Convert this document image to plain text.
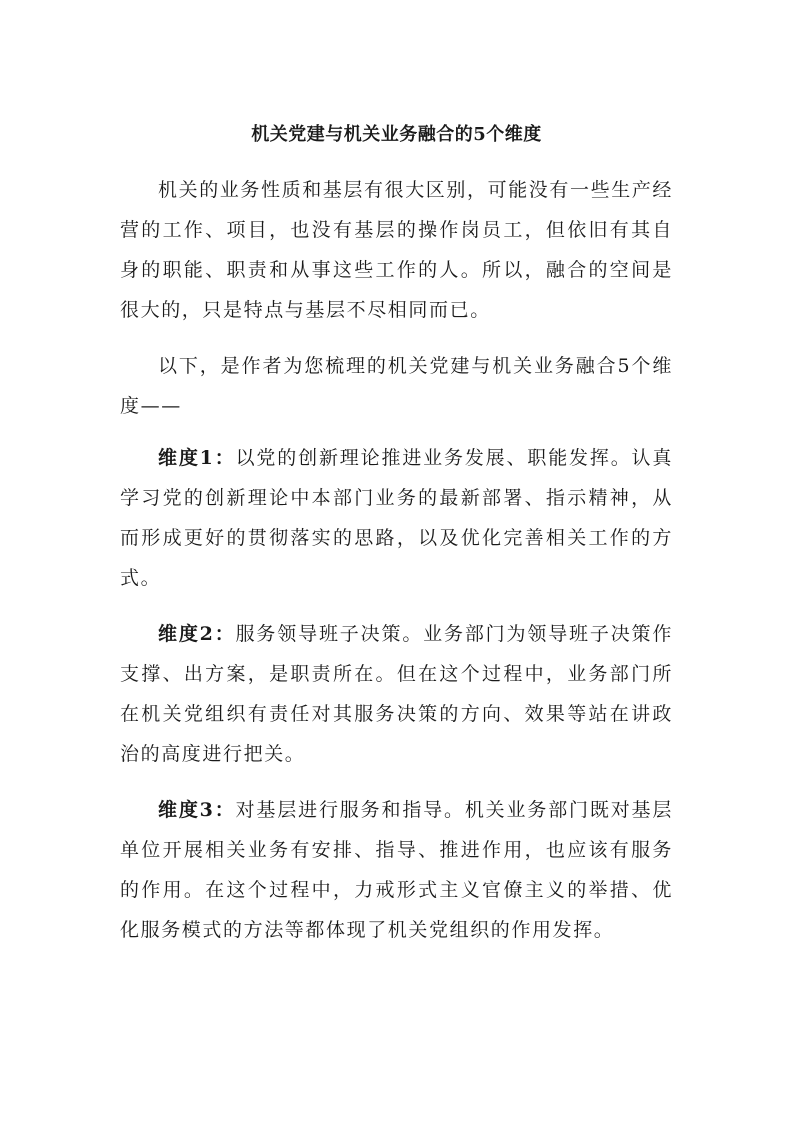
机关党建与机关业务融合的5个维度

机关的业务性质和基层有很大区别，可能没有一些生产经营的工作、项目，也没有基层的操作岗员工，但依旧有其自身的职能、职责和从事这些工作的人。所以，融合的空间是很大的，只是特点与基层不尽相同而已。

以下，是作者为您梳理的机关党建与机关业务融合5个维度——

维度1：以党的创新理论推进业务发展、职能发挥。认真学习党的创新理论中本部门业务的最新部署、指示精神，从而形成更好的贯彻落实的思路，以及优化完善相关工作的方式。

维度2：服务领导班子决策。业务部门为领导班子决策作支撑、出方案，是职责所在。但在这个过程中，业务部门所在机关党组织有责任对其服务决策的方向、效果等站在讲政治的高度进行把关。

维度3：对基层进行服务和指导。机关业务部门既对基层单位开展相关业务有安排、指导、推进作用，也应该有服务的作用。在这个过程中，力戒形式主义官僚主义的举措、优化服务模式的方法等都体现了机关党组织的作用发挥。
